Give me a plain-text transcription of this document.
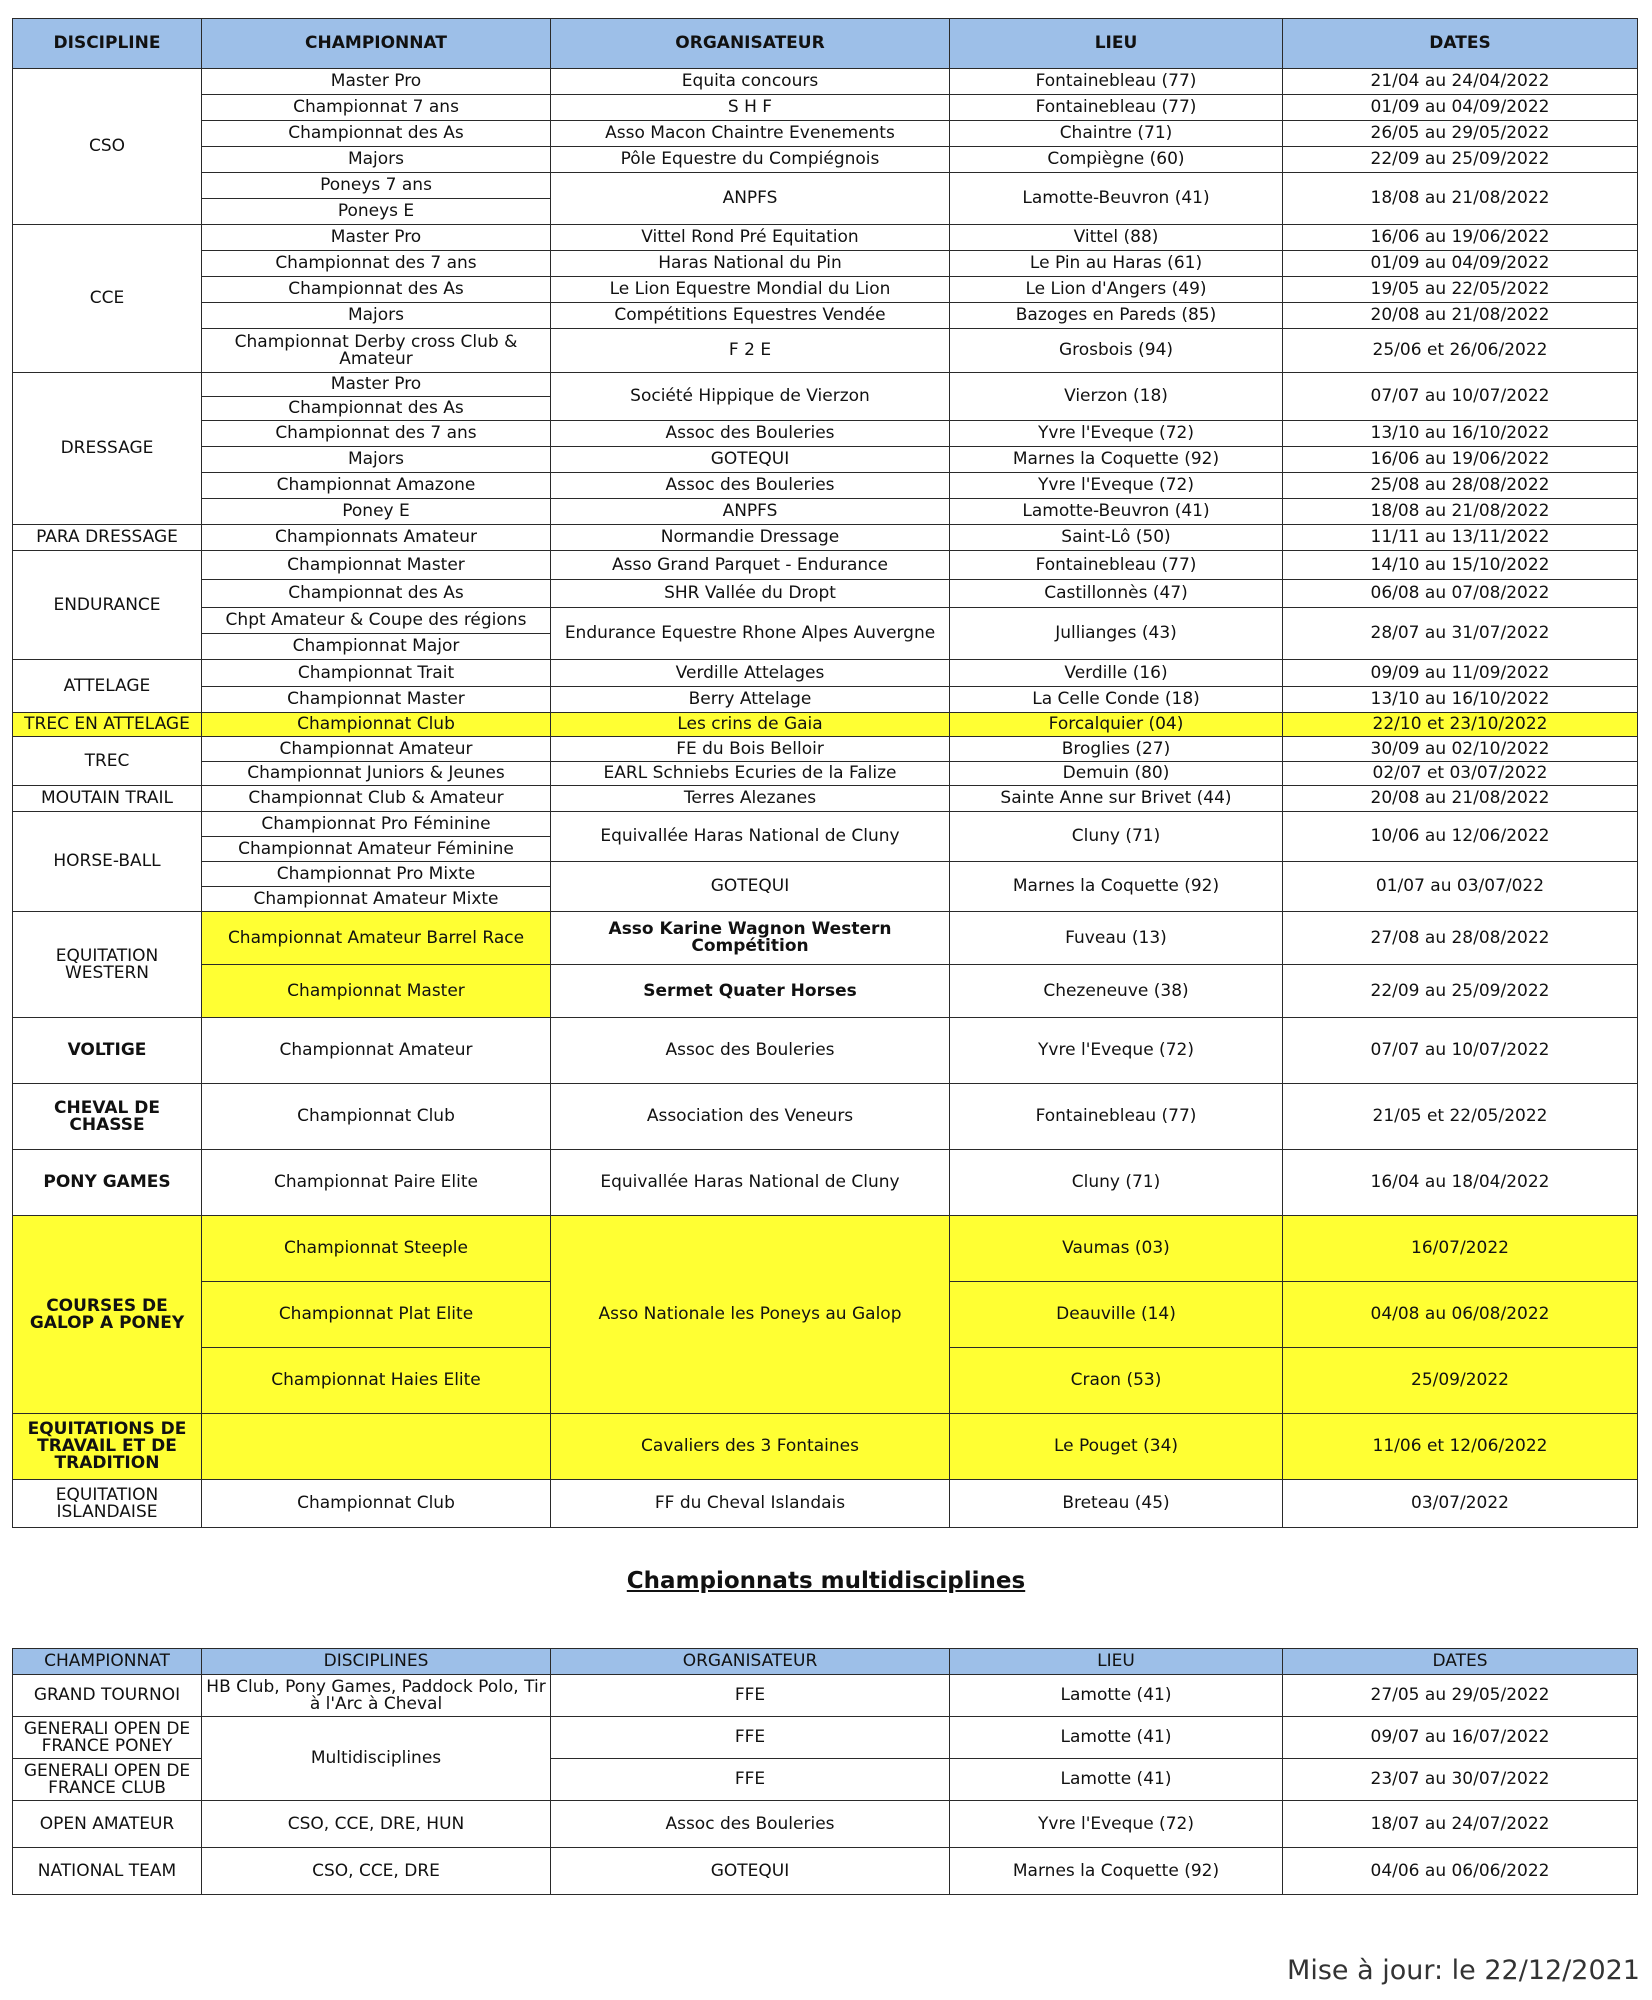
DISCIPLINE	CHAMPIONNAT	ORGANISATEUR	LIEU	DATES
CSO	Master Pro	Equita concours	Fontainebleau (77)	21/04 au 24/04/2022
	Championnat 7 ans	S H F	Fontainebleau (77)	01/09 au 04/09/2022
	Championnat des As	Asso Macon Chaintre Evenements	Chaintre (71)	26/05 au 29/05/2022
	Majors	Pôle Equestre du Compiégnois	Compiègne (60)	22/09 au 25/09/2022
	Poneys 7 ans	ANPFS	Lamotte-Beuvron (41)	18/08 au 21/08/2022
	Poneys E			
CCE	Master Pro	Vittel Rond Pré Equitation	Vittel (88)	16/06 au 19/06/2022
	Championnat des 7 ans	Haras National du Pin	Le Pin au Haras (61)	01/09 au 04/09/2022
	Championnat des As	Le Lion Equestre Mondial du Lion	Le Lion d'Angers (49)	19/05 au 22/05/2022
	Majors	Compétitions Equestres Vendée	Bazoges en Pareds (85)	20/08 au 21/08/2022
	Championnat Derby cross Club & Amateur	F 2 E	Grosbois (94)	25/06 et 26/06/2022
DRESSAGE	Master Pro	Société Hippique de Vierzon	Vierzon (18)	07/07 au 10/07/2022
	Championnat des As			
	Championnat des 7 ans	Assoc des Bouleries	Yvre l'Eveque (72)	13/10 au 16/10/2022
	Majors	GOTEQUI	Marnes la Coquette (92)	16/06 au 19/06/2022
	Championnat Amazone	Assoc des Bouleries	Yvre l'Eveque (72)	25/08 au 28/08/2022
	Poney E	ANPFS	Lamotte-Beuvron (41)	18/08 au 21/08/2022
PARA DRESSAGE	Championnats Amateur	Normandie Dressage	Saint-Lô (50)	11/11 au 13/11/2022
ENDURANCE	Championnat Master	Asso Grand Parquet - Endurance	Fontainebleau (77)	14/10 au 15/10/2022
	Championnat des As	SHR Vallée du Dropt	Castillonnès (47)	06/08 au 07/08/2022
	Chpt Amateur & Coupe des régions	Endurance Equestre Rhone Alpes Auvergne	Jullianges (43)	28/07 au 31/07/2022
	Championnat Major			
ATTELAGE	Championnat Trait	Verdille Attelages	Verdille (16)	09/09 au 11/09/2022
	Championnat Master	Berry Attelage	La Celle Conde (18)	13/10 au 16/10/2022
TREC EN ATTELAGE	Championnat Club	Les crins de Gaia	Forcalquier (04)	22/10 et 23/10/2022
TREC	Championnat Amateur	FE du Bois Belloir	Broglies (27)	30/09 au 02/10/2022
	Championnat Juniors & Jeunes	EARL Schniebs Ecuries de la Falize	Demuin (80)	02/07 et 03/07/2022
MOUTAIN TRAIL	Championnat Club & Amateur	Terres Alezanes	Sainte Anne sur Brivet (44)	20/08 au 21/08/2022
HORSE-BALL	Championnat Pro Féminine	Equivallée Haras National de Cluny	Cluny (71)	10/06 au 12/06/2022
	Championnat Amateur Féminine			
	Championnat Pro Mixte	GOTEQUI	Marnes la Coquette (92)	01/07 au 03/07/022
	Championnat Amateur Mixte			
EQUITATION WESTERN	Championnat Amateur Barrel Race	Asso Karine Wagnon Western Compétition	Fuveau (13)	27/08 au 28/08/2022
	Championnat Master	Sermet Quater Horses	Chezeneuve (38)	22/09 au 25/09/2022
VOLTIGE	Championnat Amateur	Assoc des Bouleries	Yvre l'Eveque (72)	07/07 au 10/07/2022
CHEVAL DE CHASSE	Championnat Club	Association des Veneurs	Fontainebleau (77)	21/05 et 22/05/2022
PONY GAMES	Championnat Paire Elite	Equivallée Haras National de Cluny	Cluny (71)	16/04 au 18/04/2022
COURSES DE GALOP A PONEY	Championnat Steeple	Asso Nationale les Poneys au Galop	Vaumas (03)	16/07/2022
	Championnat Plat Elite		Deauville (14)	04/08 au 06/08/2022
	Championnat Haies Elite		Craon (53)	25/09/2022
EQUITATIONS DE TRAVAIL ET DE TRADITION		Cavaliers des 3 Fontaines	Le Pouget (34)	11/06 et 12/06/2022
EQUITATION ISLANDAISE	Championnat Club	FF du Cheval Islandais	Breteau (45)	03/07/2022
Championnats multidisciplines
CHAMPIONNAT	DISCIPLINES	ORGANISATEUR	LIEU	DATES
GRAND TOURNOI	HB Club, Pony Games, Paddock Polo, Tir à l'Arc à Cheval	FFE	Lamotte (41)	27/05 au 29/05/2022
GENERALI OPEN DE FRANCE PONEY	Multidisciplines	FFE	Lamotte (41)	09/07 au 16/07/2022
GENERALI OPEN DE FRANCE CLUB		FFE	Lamotte (41)	23/07 au 30/07/2022
OPEN AMATEUR	CSO, CCE, DRE, HUN	Assoc des Bouleries	Yvre l'Eveque (72)	18/07 au 24/07/2022
NATIONAL TEAM	CSO, CCE, DRE	GOTEQUI	Marnes la Coquette (92)	04/06 au 06/06/2022
Mise à jour: le 22/12/2021
